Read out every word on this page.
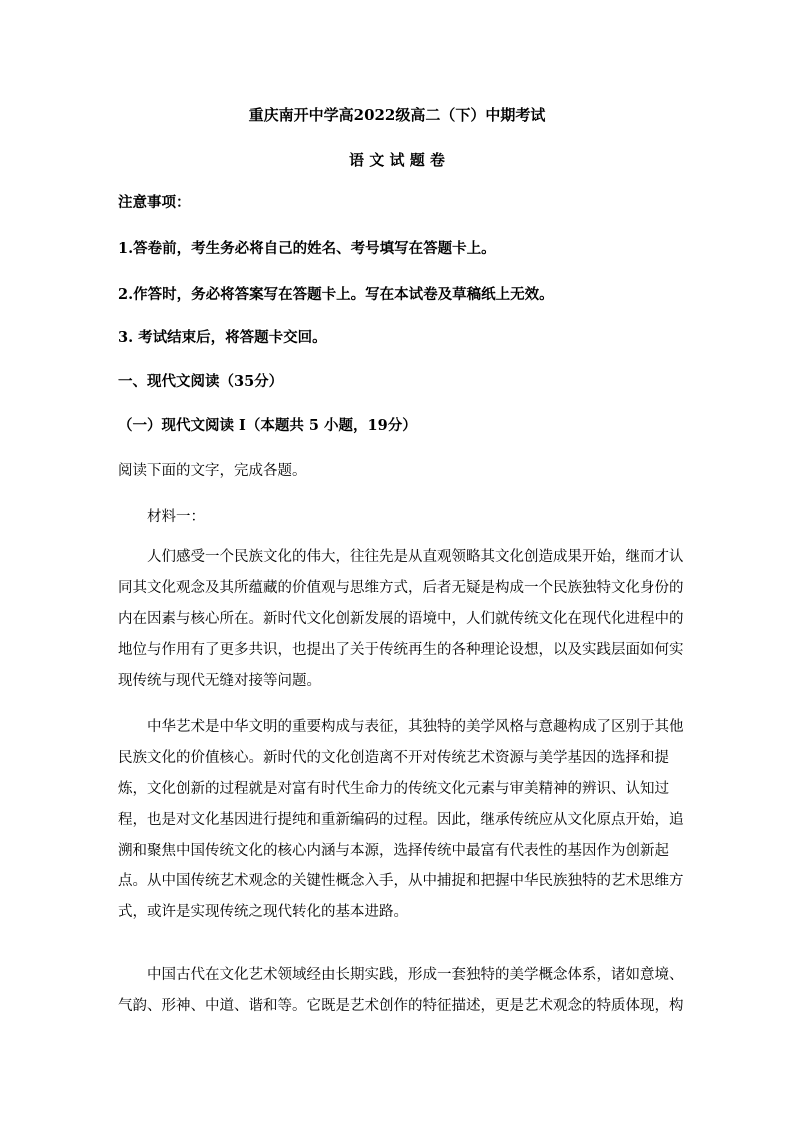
重庆南开中学高2022级高二（下）中期考试
语 文 试 题 卷
注意事项：
1.答卷前，考生务必将自己的姓名、考号填写在答题卡上。
2.作答时，务必将答案写在答题卡上。写在本试卷及草稿纸上无效。
3. 考试结束后，将答题卡交回。
一、现代文阅读（35分）
（一）现代文阅读 I（本题共 5 小题，19分）
阅读下面的文字，完成各题。
材料一：
人们感受一个民族文化的伟大，往往先是从直观领略其文化创造成果开始，继而才认
同其文化观念及其所蕴藏的价值观与思维方式，后者无疑是构成一个民族独特文化身份的
内在因素与核心所在。新时代文化创新发展的语境中，人们就传统文化在现代化进程中的
地位与作用有了更多共识，也提出了关于传统再生的各种理论设想，以及实践层面如何实
现传统与现代无缝对接等问题。
中华艺术是中华文明的重要构成与表征，其独特的美学风格与意趣构成了区别于其他
民族文化的价值核心。新时代的文化创造离不开对传统艺术资源与美学基因的选择和提
炼，文化创新的过程就是对富有时代生命力的传统文化元素与审美精神的辨识、认知过
程，也是对文化基因进行提纯和重新编码的过程。因此，继承传统应从文化原点开始，追
溯和聚焦中国传统文化的核心内涵与本源，选择传统中最富有代表性的基因作为创新起
点。从中国传统艺术观念的关键性概念入手，从中捕捉和把握中华民族独特的艺术思维方
式，或许是实现传统之现代转化的基本进路。
中国古代在文化艺术领域经由长期实践，形成一套独特的美学概念体系，诸如意境、
气韵、形神、中道、谐和等。它既是艺术创作的特征描述，更是艺术观念的特质体现，构
